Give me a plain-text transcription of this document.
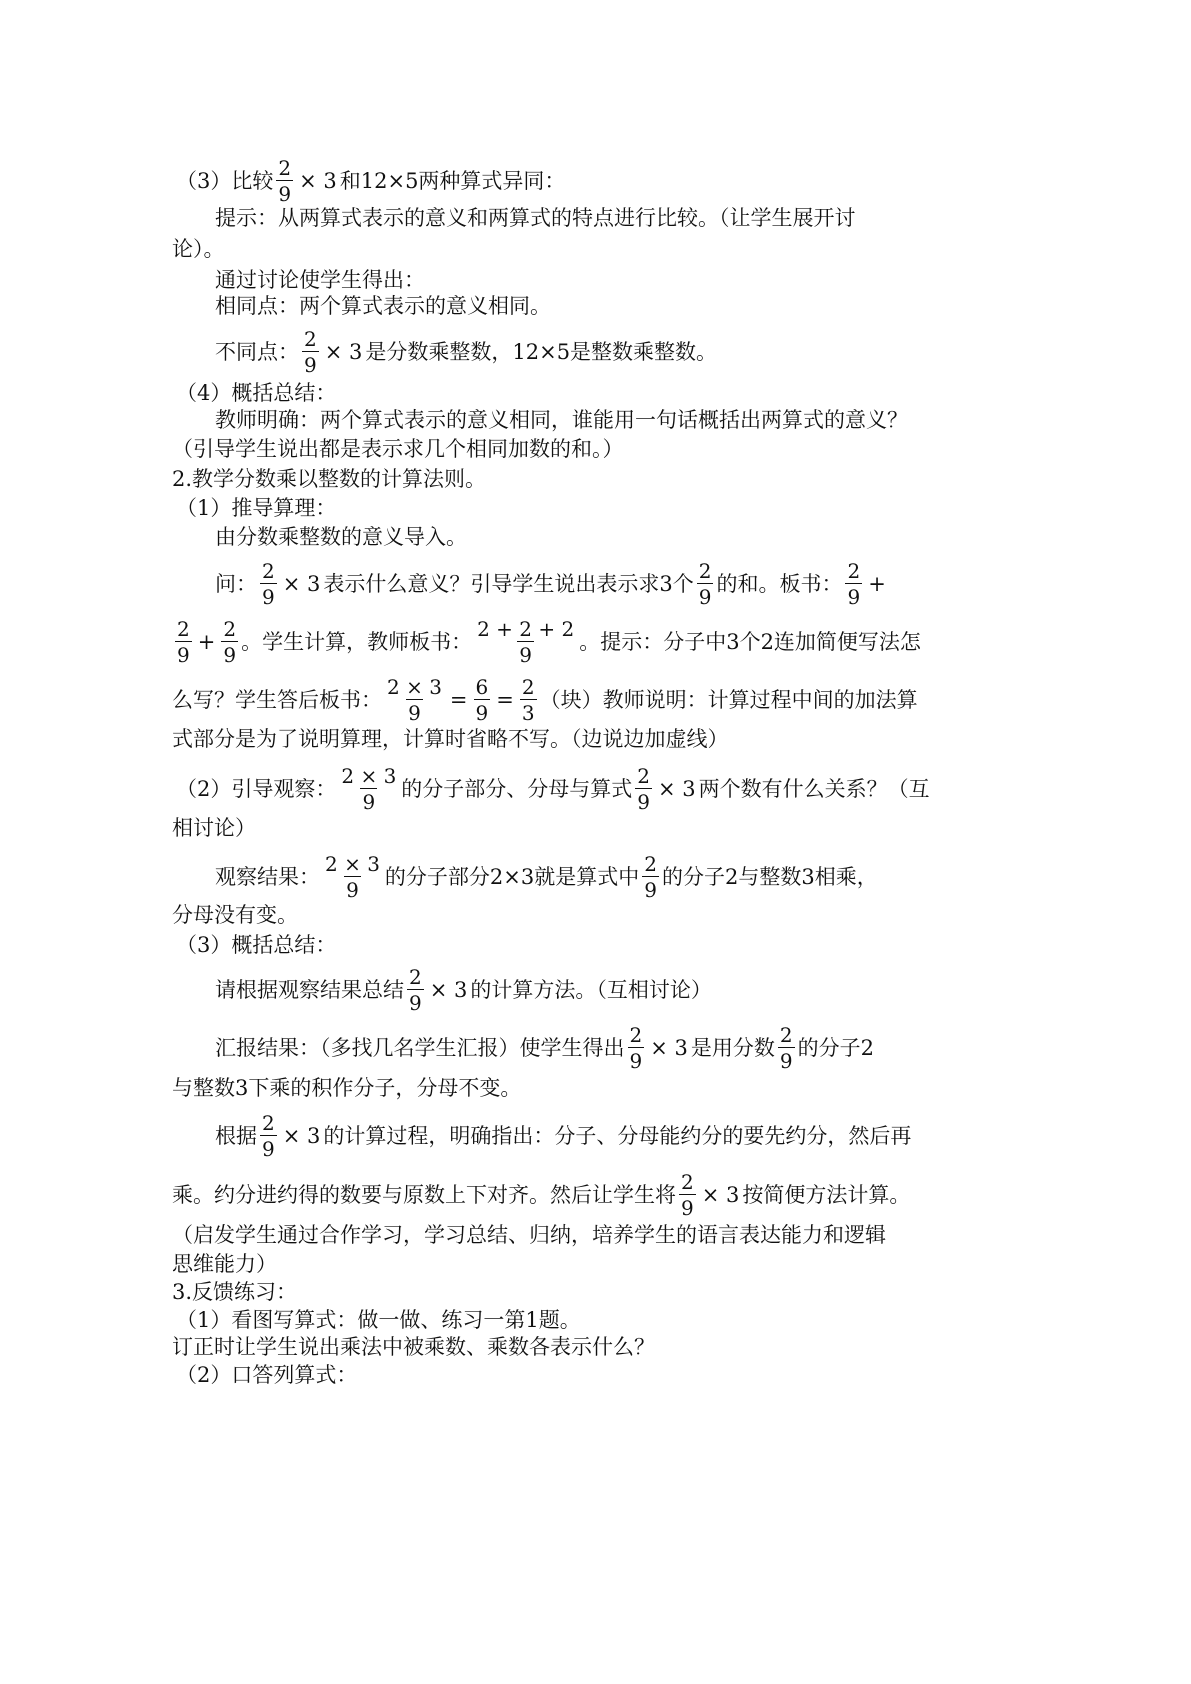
（3）比较 $\frac{2}{9} \times 3$ 和12×5两种算式异同：
提示：从两算式表示的意义和两算式的特点进行比较。（让学生展开讨
论）。
通过讨论使学生得出：
相同点：两个算式表示的意义相同。
不同点： $\frac{2}{9} \times 3$ 是分数乘整数，12×5是整数乘整数。
（4）概括总结：
教师明确：两个算式表示的意义相同，谁能用一句话概括出两算式的意义？
（引导学生说出都是表示求几个相同加数的和。）
2.教学分数乘以整数的计算法则。
（1）推导算理：
由分数乘整数的意义导入。
问： $\frac{2}{9} \times 3$ 表示什么意义？引导学生说出表示求3个 $\frac{2}{9}$ 的和。板书： $\frac{2}{9}$ +
$\frac{2}{9} + \frac{2}{9}$ 。学生计算，教师板书： $\frac{2 + 2 + 2}{9}$ 。提示：分子中3个2连加简便写法怎
么写？学生答后板书： $\frac{2 \times 3}{9} = \frac{6}{9} = \frac{2}{3}$ （块）教师说明：计算过程中间的加法算
式部分是为了说明算理，计算时省略不写。（边说边加虚线）
（2）引导观察： $\frac{2 \times 3}{9}$ 的分子部分、分母与算式 $\frac{2}{9} \times 3$ 两个数有什么关系？（互
相讨论）
观察结果： $\frac{2 \times 3}{9}$ 的分子部分2×3就是算式中 $\frac{2}{9}$ 的分子2与整数3相乘，
分母没有变。
（3）概括总结：
请根据观察结果总结 $\frac{2}{9} \times 3$ 的计算方法。（互相讨论）
汇报结果：（多找几名学生汇报）使学生得出 $\frac{2}{9} \times 3$ 是用分数 $\frac{2}{9}$ 的分子2
与整数3下乘的积作分子，分母不变。
根据 $\frac{2}{9} \times 3$ 的计算过程，明确指出：分子、分母能约分的要先约分，然后再
乘。约分进约得的数要与原数上下对齐。然后让学生将 $\frac{2}{9} \times 3$ 按简便方法计算。
（启发学生通过合作学习，学习总结、归纳，培养学生的语言表达能力和逻辑
思维能力）
3.反馈练习：
（1）看图写算式：做一做、练习一第1题。
订正时让学生说出乘法中被乘数、乘数各表示什么？
（2）口答列算式：
